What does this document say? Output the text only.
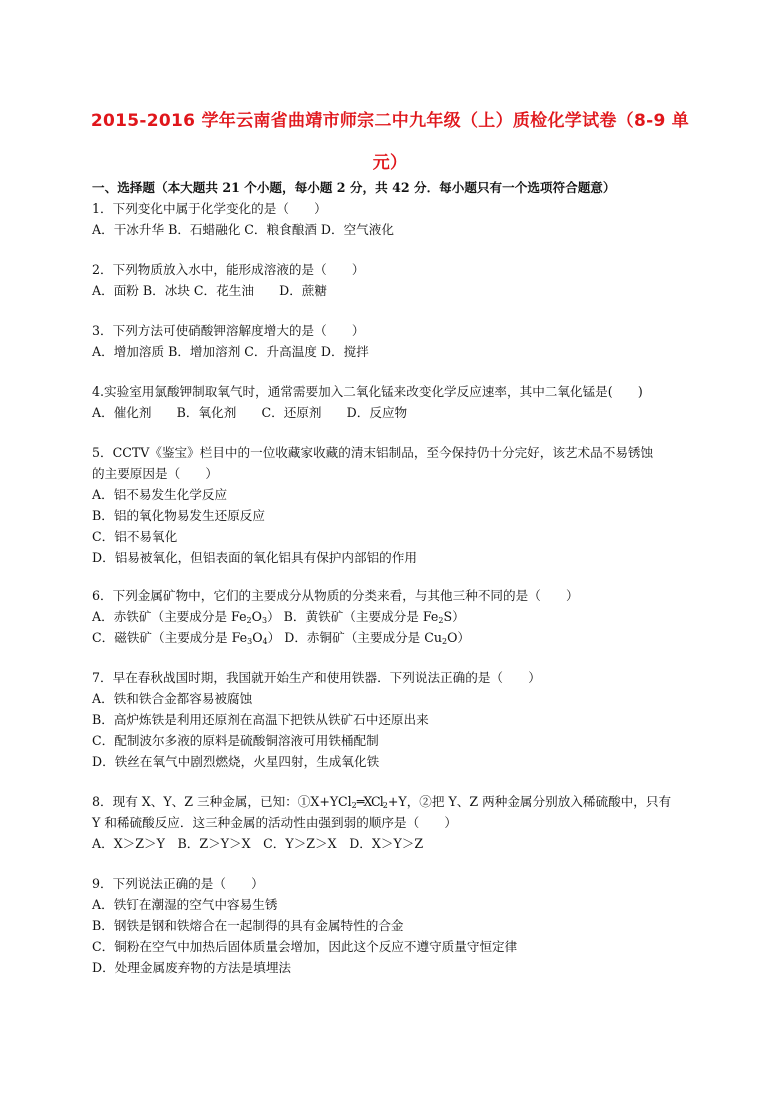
2015-2016 学年云南省曲靖市师宗二中九年级（上）质检化学试卷（8-9 单
元）
一、选择题（本大题共 21 个小题，每小题 2 分，共 42 分．每小题只有一个选项符合题意）
1．下列变化中属于化学变化的是（　　）
A．干冰升华 B．石蜡融化 C．粮食酿酒 D．空气液化
2．下列物质放入水中，能形成溶液的是（　　）
A．面粉 B．冰块 C．花生油　　D．蔗糖
3．下列方法可使硝酸钾溶解度增大的是（　　）
A．增加溶质 B．增加溶剂 C．升高温度 D．搅拌
4.实验室用氯酸钾制取氧气时，通常需要加入二氧化锰来改变化学反应速率，其中二氧化锰是(　　)
A．催化剂　　B．氧化剂　　C．还原剂　　D．反应物
5．CCTV《鉴宝》栏目中的一位收藏家收藏的清末铝制品，至今保持仍十分完好，该艺术品不易锈蚀
的主要原因是（　　）
A．铝不易发生化学反应
B．铝的氧化物易发生还原反应
C．铝不易氧化
D．铝易被氧化，但铝表面的氧化铝具有保护内部铝的作用
6．下列金属矿物中，它们的主要成分从物质的分类来看，与其他三种不同的是（　　）
A．赤铁矿（主要成分是 $Fe_2O_3$） B．黄铁矿（主要成分是 $Fe_2S$）
C．磁铁矿（主要成分是 $Fe_3O_4$） D．赤铜矿（主要成分是 $Cu_2O$）
7．早在春秋战国时期，我国就开始生产和使用铁器．下列说法正确的是（　　）
A．铁和铁合金都容易被腐蚀
B．高炉炼铁是利用还原剂在高温下把铁从铁矿石中还原出来
C．配制波尔多液的原料是硫酸铜溶液可用铁桶配制
D．铁丝在氧气中剧烈燃烧，火星四射，生成氧化铁
8．现有 X、Y、Z 三种金属，已知：①X+YCl$_2$═XCl$_2$+Y，②把 Y、Z 两种金属分别放入稀硫酸中，只有
Y 和稀硫酸反应．这三种金属的活动性由强到弱的顺序是（　　）
A．X＞Z＞Y　B．Z＞Y＞X　C．Y＞Z＞X　D．X＞Y＞Z
9．下列说法正确的是（　　）
A．铁钉在潮湿的空气中容易生锈
B．钢铁是钢和铁熔合在一起制得的具有金属特性的合金
C．铜粉在空气中加热后固体质量会增加，因此这个反应不遵守质量守恒定律
D．处理金属废弃物的方法是填埋法
